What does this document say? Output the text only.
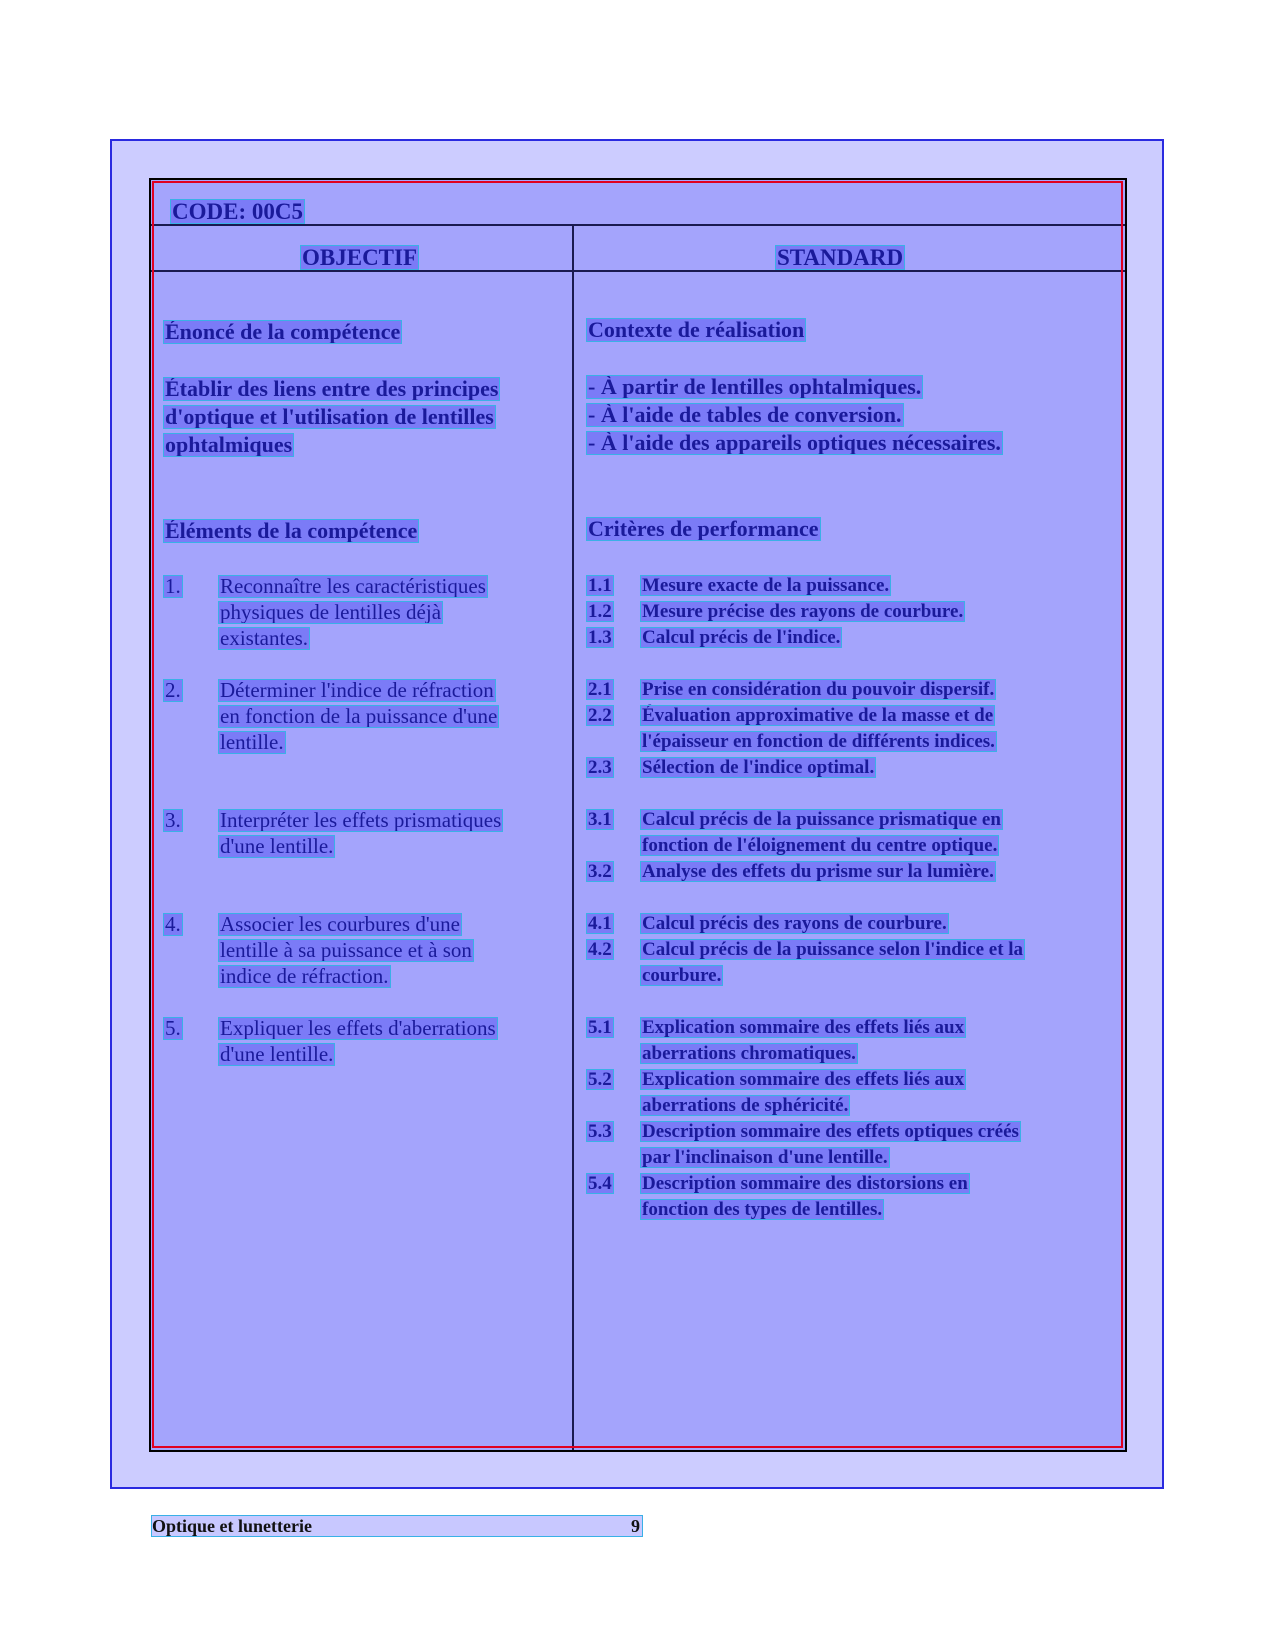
CODE: 00C5
OBJECTIF	STANDARD
Énoncé de la compétence
Établir des liens entre des principes
d'optique et l'utilisation de lentilles
ophtalmiques
Éléments de la compétence
1. Reconnaître les caractéristiques
physiques de lentilles déjà
existantes.
2. Déterminer l'indice de réfraction
en fonction de la puissance d'une
lentille.
3. Interpréter les effets prismatiques
d'une lentille.
4. Associer les courbures d'une
lentille à sa puissance et à son
indice de réfraction.
5. Expliquer les effets d'aberrations
d'une lentille.
Contexte de réalisation
- À partir de lentilles ophtalmiques.
- À l'aide de tables de conversion.
- À l'aide des appareils optiques nécessaires.
Critères de performance
1.1 Mesure exacte de la puissance.
1.2 Mesure précise des rayons de courbure.
1.3 Calcul précis de l'indice.
2.1 Prise en considération du pouvoir dispersif.
2.2 Évaluation approximative de la masse et de
l'épaisseur en fonction de différents indices.
2.3 Sélection de l'indice optimal.
3.1 Calcul précis de la puissance prismatique en
fonction de l'éloignement du centre optique.
3.2 Analyse des effets du prisme sur la lumière.
4.1 Calcul précis des rayons de courbure.
4.2 Calcul précis de la puissance selon l'indice et la
courbure.
5.1 Explication sommaire des effets liés aux
aberrations chromatiques.
5.2 Explication sommaire des effets liés aux
aberrations de sphéricité.
5.3 Description sommaire des effets optiques créés
par l'inclinaison d'une lentille.
5.4 Description sommaire des distorsions en
fonction des types de lentilles.
Optique et lunetterie	9
